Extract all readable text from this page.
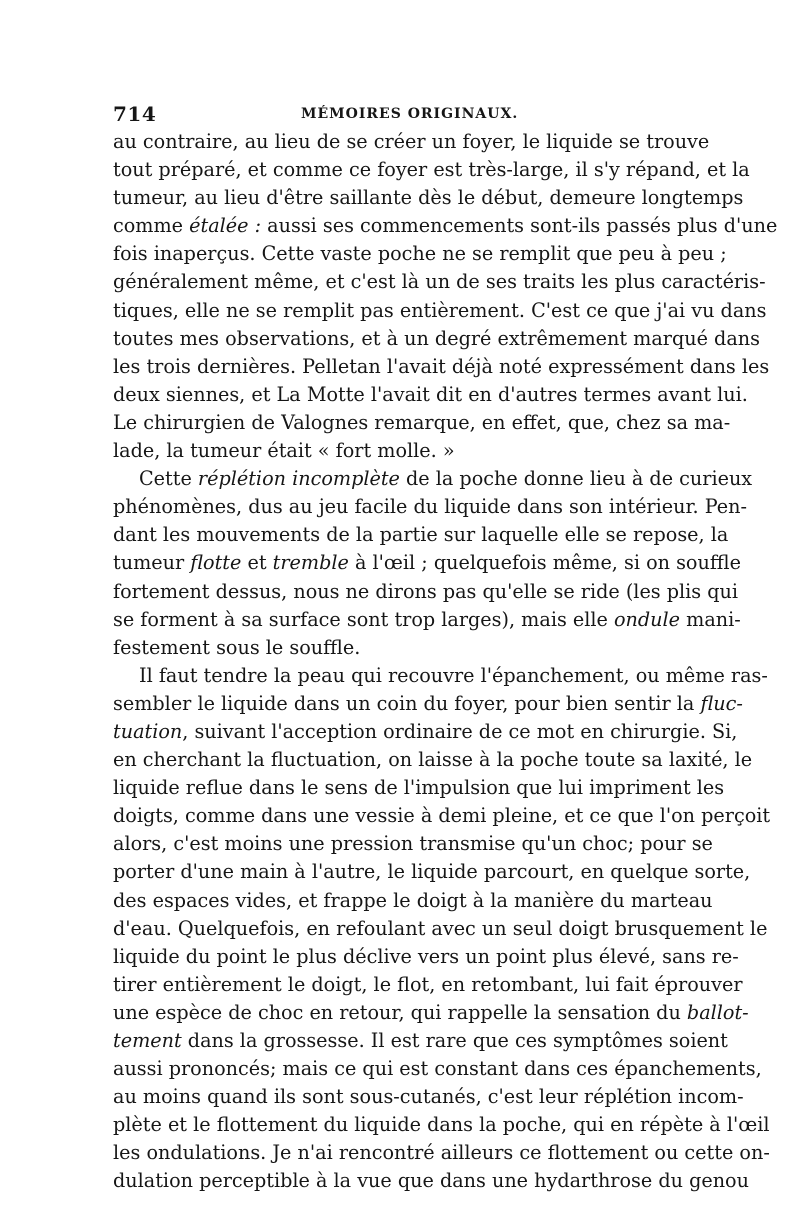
714	MÉMOIRES ORIGINAUX.
au contraire, au lieu de se créer un foyer, le liquide se trouve
tout préparé, et comme ce foyer est très-large, il s'y répand, et la
tumeur, au lieu d'être saillante dès le début, demeure longtemps
comme étalée : aussi ses commencements sont-ils passés plus d'une
fois inaperçus. Cette vaste poche ne se remplit que peu à peu ;
généralement même, et c'est là un de ses traits les plus caractéris-
tiques, elle ne se remplit pas entièrement. C'est ce que j'ai vu dans
toutes mes observations, et à un degré extrêmement marqué dans
les trois dernières. Pelletan l'avait déjà noté expressément dans les
deux siennes, et La Motte l'avait dit en d'autres termes avant lui.
Le chirurgien de Valognes remarque, en effet, que, chez sa ma-
lade, la tumeur était « fort molle. »
Cette réplétion incomplète de la poche donne lieu à de curieux
phénomènes, dus au jeu facile du liquide dans son intérieur. Pen-
dant les mouvements de la partie sur laquelle elle se repose, la
tumeur flotte et tremble à l'œil ; quelquefois même, si on souffle
fortement dessus, nous ne dirons pas qu'elle se ride (les plis qui
se forment à sa surface sont trop larges), mais elle ondule mani-
festement sous le souffle.
Il faut tendre la peau qui recouvre l'épanchement, ou même ras-
sembler le liquide dans un coin du foyer, pour bien sentir la fluc-
tuation, suivant l'acception ordinaire de ce mot en chirurgie. Si,
en cherchant la fluctuation, on laisse à la poche toute sa laxité, le
liquide reflue dans le sens de l'impulsion que lui impriment les
doigts, comme dans une vessie à demi pleine, et ce que l'on perçoit
alors, c'est moins une pression transmise qu'un choc; pour se
porter d'une main à l'autre, le liquide parcourt, en quelque sorte,
des espaces vides, et frappe le doigt à la manière du marteau
d'eau. Quelquefois, en refoulant avec un seul doigt brusquement le
liquide du point le plus déclive vers un point plus élevé, sans re-
tirer entièrement le doigt, le flot, en retombant, lui fait éprouver
une espèce de choc en retour, qui rappelle la sensation du ballot-
tement dans la grossesse. Il est rare que ces symptômes soient
aussi prononcés; mais ce qui est constant dans ces épanchements,
au moins quand ils sont sous-cutanés, c'est leur réplétion incom-
plète et le flottement du liquide dans la poche, qui en répète à l'œil
les ondulations. Je n'ai rencontré ailleurs ce flottement ou cette on-
dulation perceptible à la vue que dans une hydarthrose du genou
